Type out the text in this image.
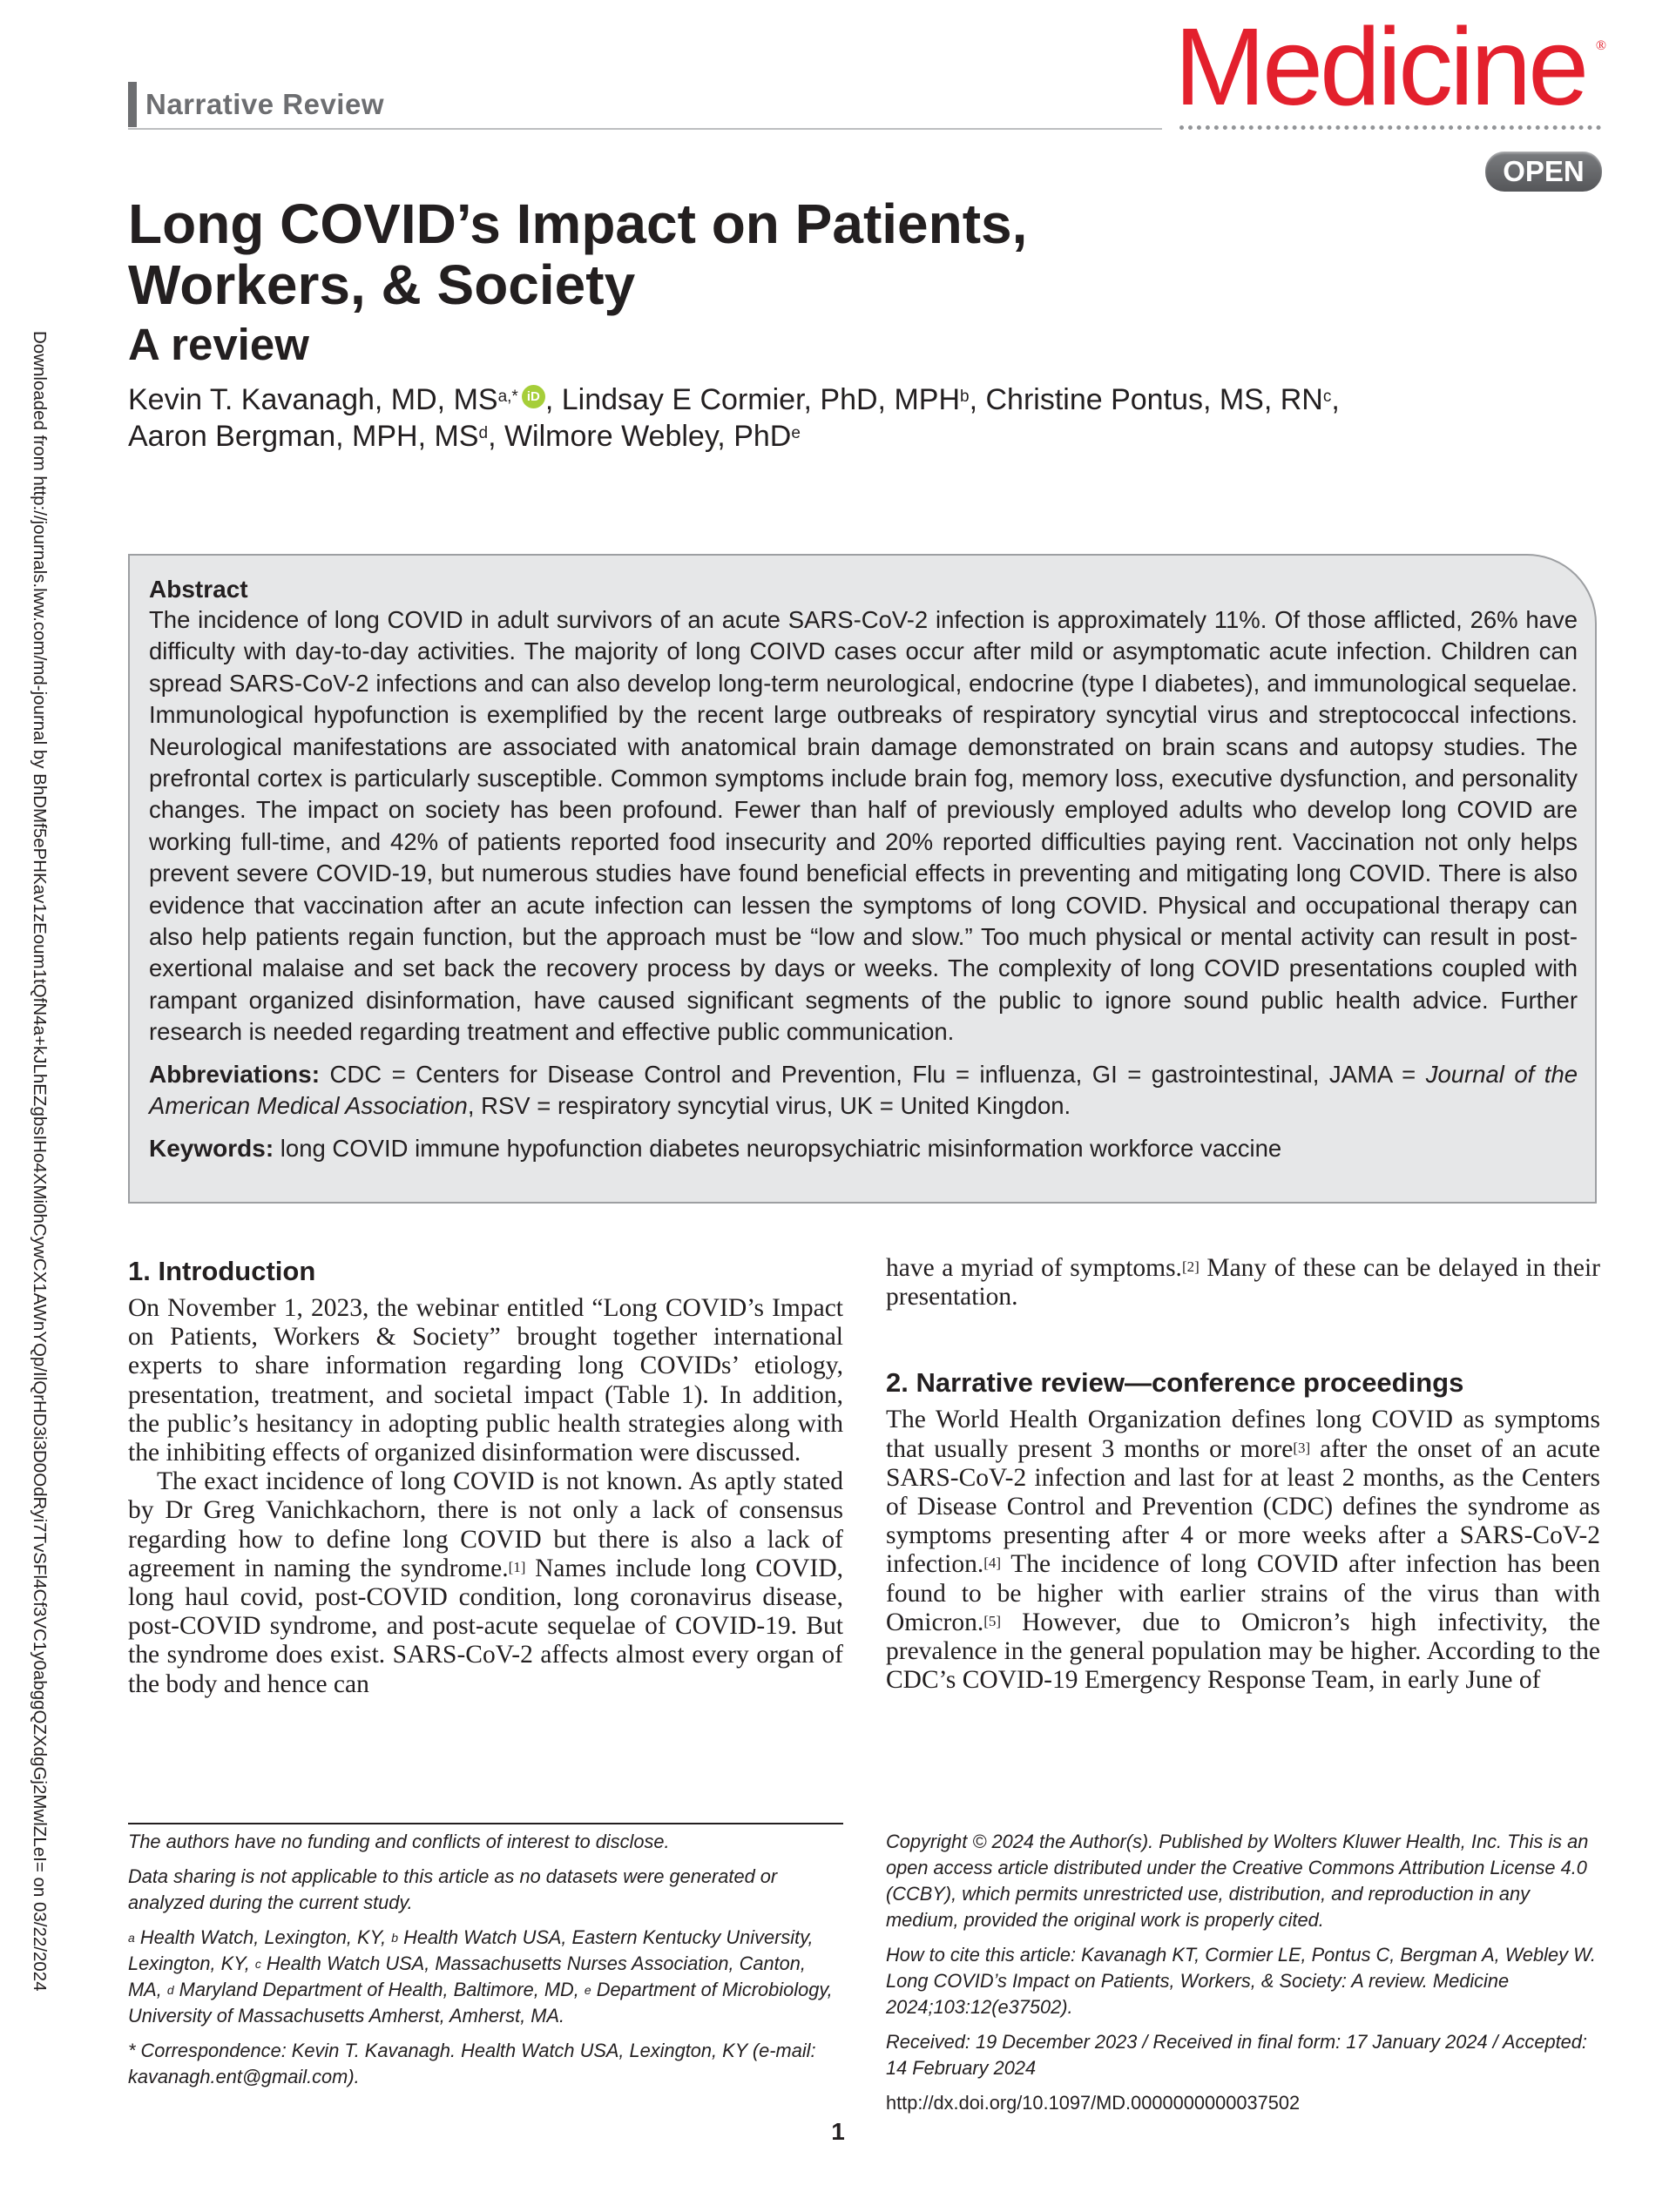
Downloaded from http://journals.lww.com/md-journal by BhDMf5ePHKav1zEoum1tQfN4a+kJLhEZgbsIHo4XMi0hCywCX1AWnYQp/IlQrHD3i3D0OdRyi7TvSFl4Cf3VC1y0abggQZXdgGj2MwlZLeI= on 03/22/2024
Narrative Review	Medicine ®
OPEN
Long COVID’s Impact on Patients,
Workers, & Society
A review
Kevin T. Kavanagh, MD, $MS^{a,*}$ iD , Lindsay E Cormier, PhD, MPH$^b$, Christine Pontus, MS, $RN^c$,
Aaron Bergman, MPH, $MS^d$, Wilmore Webley, PhD$^e$
Abstract

The incidence of long COVID in adult survivors of an acute SARS-CoV-2 infection is approximately 11%. Of those afflicted, 26% have difficulty with day-to-day activities. The majority of long COIVD cases occur after mild or asymptomatic acute infection. Children can spread SARS-CoV-2 infections and can also develop long-term neurological, endocrine (type I diabetes), and immunological sequelae. Immunological hypofunction is exemplified by the recent large outbreaks of respiratory syncytial virus and streptococcal infections. Neurological manifestations are associated with anatomical brain damage demonstrated on brain scans and autopsy studies. The prefrontal cortex is particularly susceptible. Common symptoms include brain fog, memory loss, executive dysfunction, and personality changes. The impact on society has been profound. Fewer than half of previously employed adults who develop long COVID are working full-time, and 42% of patients reported food insecurity and 20% reported difficulties paying rent. Vaccination not only helps prevent severe COVID-19, but numerous studies have found beneficial effects in preventing and mitigating long COVID. There is also evidence that vaccination after an acute infection can lessen the symptoms of long COVID. Physical and occupational therapy can also help patients regain function, but the approach must be “low and slow.” Too much physical or mental activity can result in post-exertional malaise and set back the recovery process by days or weeks. The complexity of long COVID presentations coupled with rampant organized disinformation, have caused significant segments of the public to ignore sound public health advice. Further research is needed regarding treatment and effective public communication.

Abbreviations: CDC = Centers for Disease Control and Prevention, Flu = influenza, GI = gastrointestinal, JAMA = Journal of the American Medical Association, RSV = respiratory syncytial virus, UK = United Kingdon.

Keywords: long COVID immune hypofunction diabetes neuropsychiatric misinformation workforce vaccine

1. Introduction

On November 1, 2023, the webinar entitled “Long COVID’s Impact on Patients, Workers & Society” brought together international experts to share information regarding long COVIDs’ etiology, presentation, treatment, and societal impact (Table 1). In addition, the public’s hesitancy in adopting public health strategies along with the inhibiting effects of organized disinformation were discussed.

The exact incidence of long COVID is not known. As aptly stated by Dr Greg Vanichkachorn, there is not only a lack of consensus regarding how to define long COVID but there is also a lack of agreement in naming the syndrome.[1] Names include long COVID, long haul covid, post-COVID condition, long coronavirus disease, post-COVID syndrome, and post-acute sequelae of COVID-19. But the syndrome does exist. SARS-CoV-2 affects almost every organ of the body and hence can

have a myriad of symptoms.[2] Many of these can be delayed in their presentation.

2. Narrative review—conference proceedings

The World Health Organization defines long COVID as symptoms that usually present 3 months or more[3] after the onset of an acute SARS-CoV-2 infection and last for at least 2 months, as the Centers of Disease Control and Prevention (CDC) defines the syndrome as symptoms presenting after 4 or more weeks after a SARS-CoV-2 infection.[4] The incidence of long COVID after infection has been found to be higher with earlier strains of the virus than with Omicron.[5] However, due to Omicron’s high infectivity, the prevalence in the general population may be higher. According to the CDC’s COVID-19 Emergency Response Team, in early June of

The authors have no funding and conflicts of interest to disclose.

Data sharing is not applicable to this article as no datasets were generated or analyzed during the current study.

$^a$ Health Watch, Lexington, KY, $^b$ Health Watch USA, Eastern Kentucky University, Lexington, KY, $^c$ Health Watch USA, Massachusetts Nurses Association, Canton, MA, $^d$ Maryland Department of Health, Baltimore, MD, $^e$ Department of Microbiology, University of Massachusetts Amherst, Amherst, MA.

* Correspondence: Kevin T. Kavanagh. Health Watch USA, Lexington, KY (e-mail: kavanagh.ent@gmail.com).

Copyright © 2024 the Author(s). Published by Wolters Kluwer Health, Inc. This is an open access article distributed under the Creative Commons Attribution License 4.0 (CCBY), which permits unrestricted use, distribution, and reproduction in any medium, provided the original work is properly cited.

How to cite this article: Kavanagh KT, Cormier LE, Pontus C, Bergman A, Webley W. Long COVID’s Impact on Patients, Workers, & Society: A review. Medicine 2024;103:12(e37502).

Received: 19 December 2023 / Received in final form: 17 January 2024 / Accepted: 14 February 2024

http://dx.doi.org/10.1097/MD.0000000000037502

1
